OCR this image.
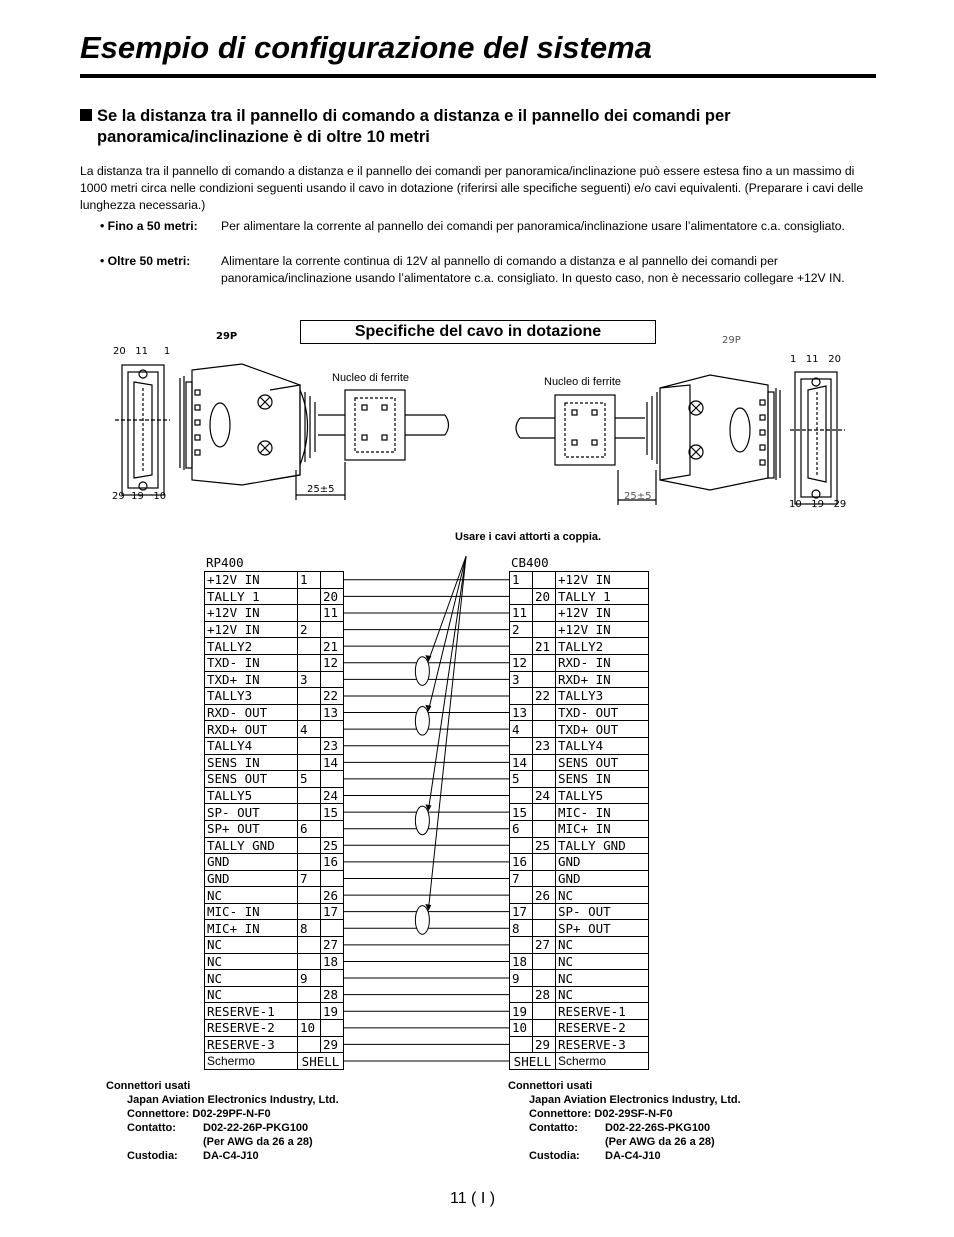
Esempio di configurazione del sistema
Se la distanza tra il pannello di comando a distanza e il pannello dei comandi per
panoramica/inclinazione è di oltre 10 metri

La distanza tra il pannello di comando a distanza e il pannello dei comandi per panoramica/inclinazione può essere estesa fino a un massimo di 1000 metri circa nelle condizioni seguenti usando il cavo in dotazione (riferirsi alle specifiche seguenti) e/o cavi equivalenti. (Preparare i cavi delle lunghezza necessaria.)

• Fino a 50 metri: Per alimentare la corrente al pannello dei comandi per panoramica/inclinazione usare l’alimentatore c.a. consigliato.
• Oltre 50 metri:	Alimentare la corrente continua di 12V al pannello di comando a distanza e al pannello dei comandi per panoramica/inclinazione usando l’alimentatore c.a. consigliato. In questo caso, non è necessario collegare +12V IN.
Specifiche del cavo in dotazione
20 11 1
29P
29 19 10
Nucleo di ferrite
25±5
29P
1 11 20
Nucleo di ferrite
25±5
10 19 29
Usare i cavi attorti a coppia.
RP400	CB400
+12V IN	1	
TALLY 1		20
+12V IN		11
+12V IN	2	
TALLY2		21
TXD- IN		12
TXD+ IN	3	
TALLY3		22
RXD- OUT		13
RXD+ OUT	4	
TALLY4		23
SENS IN		14
SENS OUT	5	
TALLY5		24
SP- OUT		15
SP+ OUT	6	
TALLY GND		25
GND		16
GND	7	
NC		26
MIC- IN		17
MIC+ IN	8	
NC		27
NC		18
NC	9	
NC		28
RESERVE-1		19
RESERVE-2	10	
RESERVE-3		29
Schermo	SHELL	
1		+12V IN
	20	TALLY 1
11		+12V IN
2		+12V IN
	21	TALLY2
12		RXD- IN
3		RXD+ IN
	22	TALLY3
13		TXD- OUT
4		TXD+ OUT
	23	TALLY4
14		SENS OUT
5		SENS IN
	24	TALLY5
15		MIC- IN
6		MIC+ IN
	25	TALLY GND
16		GND
7		GND
	26	NC
17		SP- OUT
8		SP+ OUT
	27	NC
18		NC
9		NC
	28	NC
19		RESERVE-1
10		RESERVE-2
	29	RESERVE-3
SHELL		Schermo
Connettori usati
Japan Aviation Electronics Industry, Ltd.
Connettore: D02-29PF-N-F0
Contatto: D02-22-26P-PKG100
(Per AWG da 26 a 28)
Custodia: DA-C4-J10
Connettori usati
Japan Aviation Electronics Industry, Ltd.
Connettore: D02-29SF-N-F0
Contatto: D02-22-26S-PKG100
(Per AWG da 26 a 28)
Custodia: DA-C4-J10
11 ( I )
